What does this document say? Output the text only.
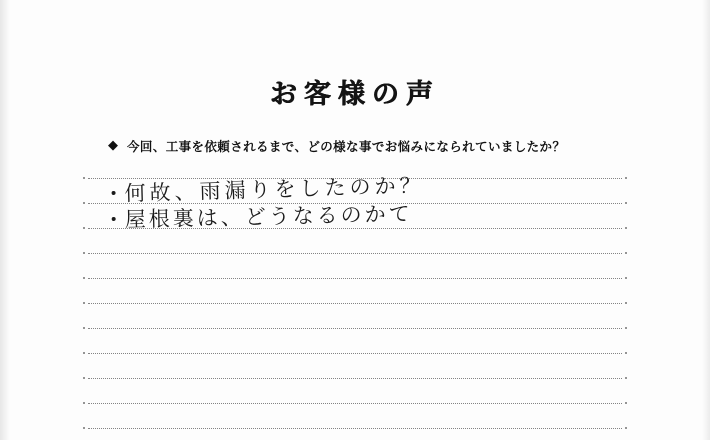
お客様の声
◆ 今回、工事を依頼されるまで、どの様な事でお悩みになられていましたか？
何故、雨漏りをしたのか？
屋根裏は、どうなるのかて
